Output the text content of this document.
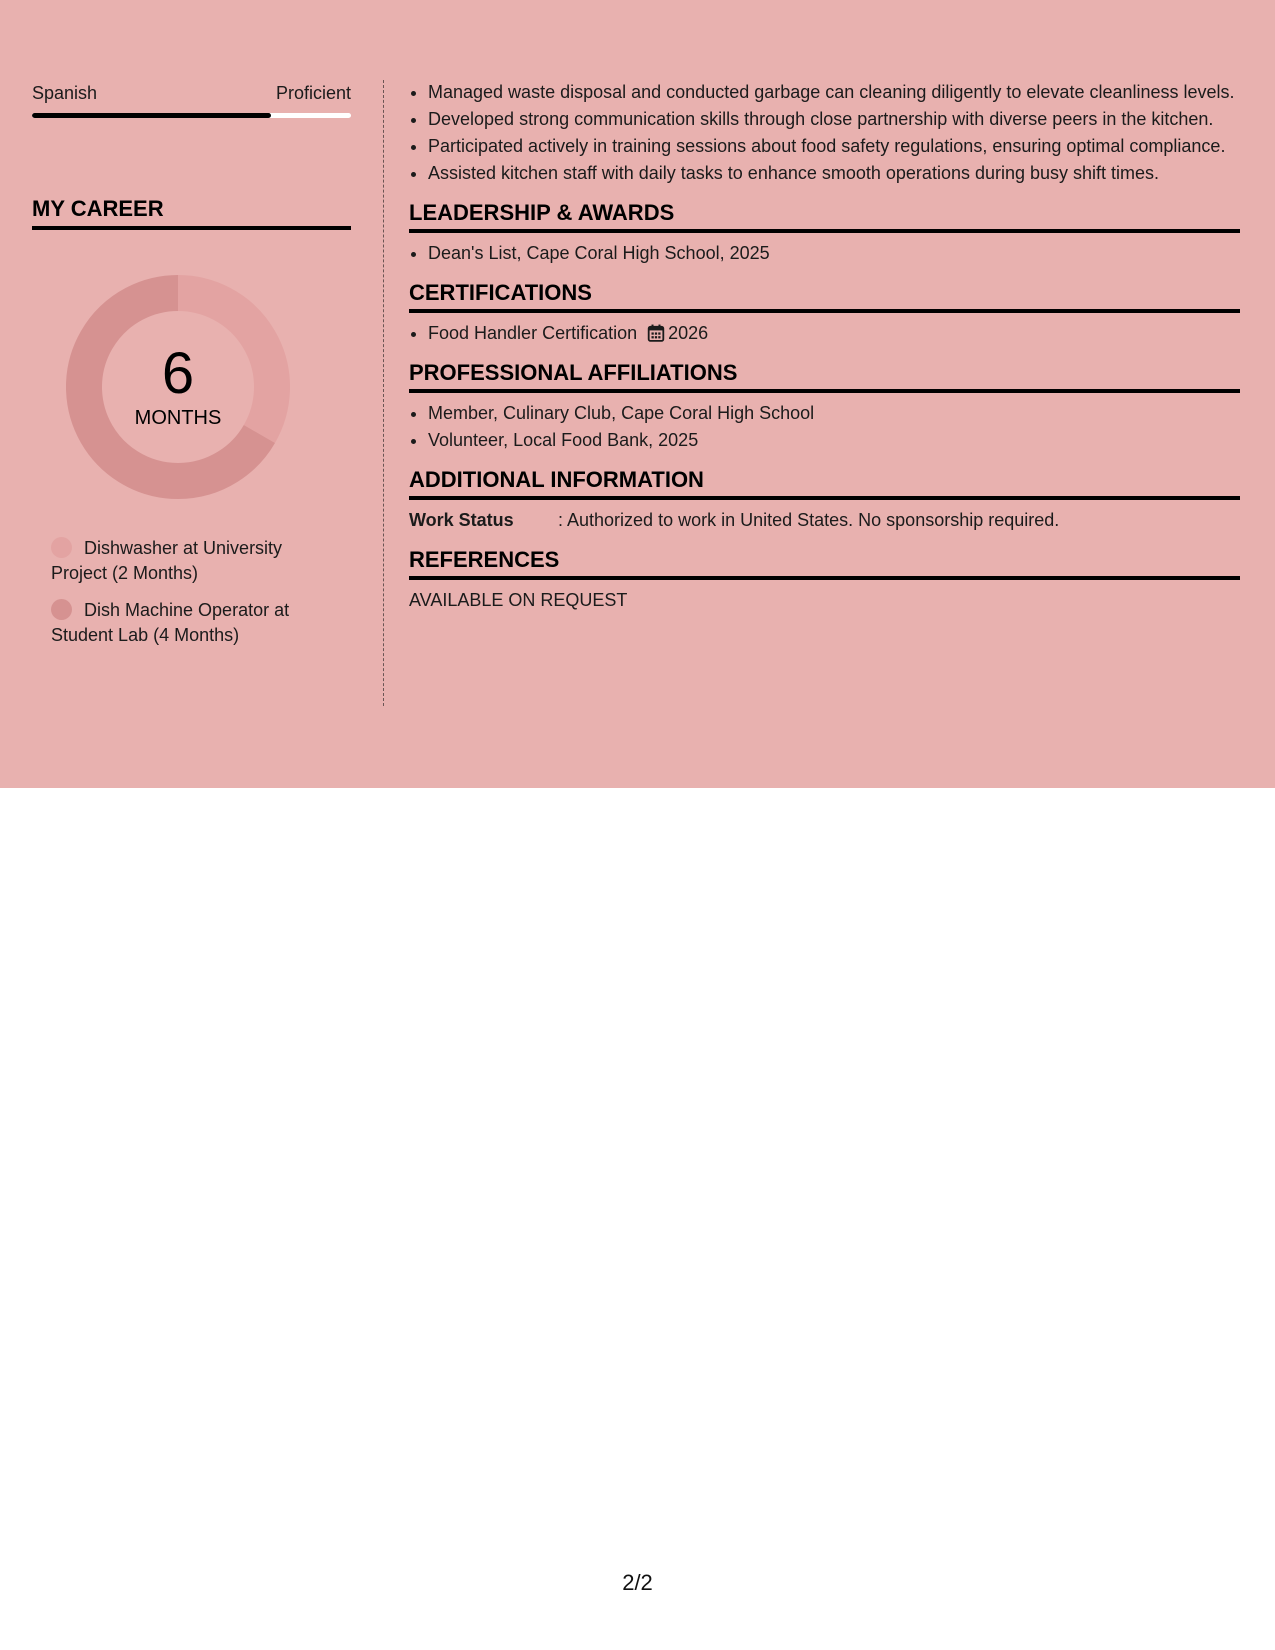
Spanish	Proficient
MY CAREER
6
MONTHS
Dishwasher at University Project (2 Months)
Dish Machine Operator at Student Lab (4 Months)
• Managed waste disposal and conducted garbage can cleaning diligently to elevate cleanliness levels.
• Developed strong communication skills through close partnership with diverse peers in the kitchen.
• Participated actively in training sessions about food safety regulations, ensuring optimal compliance.
• Assisted kitchen staff with daily tasks to enhance smooth operations during busy shift times.
LEADERSHIP & AWARDS
• Dean's List, Cape Coral High School, 2025
CERTIFICATIONS
• Food Handler Certification 2026
PROFESSIONAL AFFILIATIONS
• Member, Culinary Club, Cape Coral High School
• Volunteer, Local Food Bank, 2025
ADDITIONAL INFORMATION
Work Status	: Authorized to work in United States. No sponsorship required.
REFERENCES
AVAILABLE ON REQUEST
2/2
